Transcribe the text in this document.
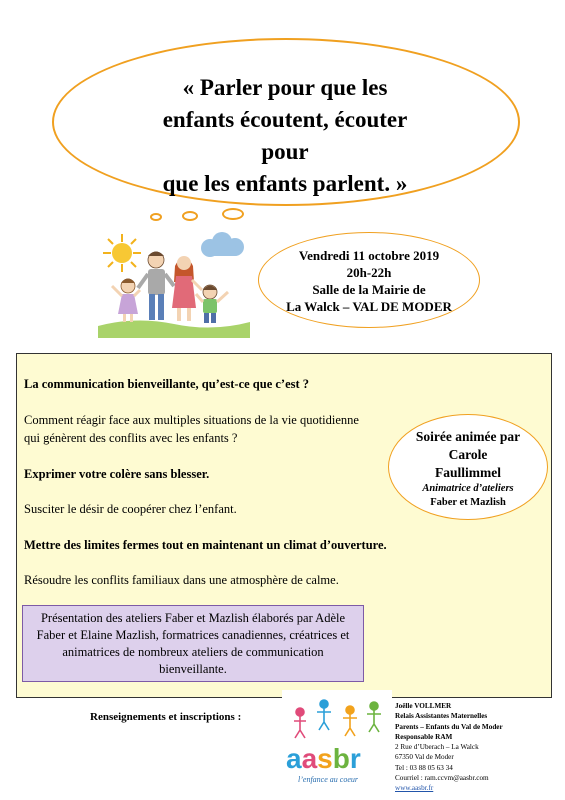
« Parler pour que les
enfants écoutent, écouter
pour
que les enfants parlent. »
Vendredi 11 octobre 2019
20h-22h
Salle de la Mairie de
La Walck – VAL DE MODER
La communication bienveillante, qu’est-ce que c’est ?
Comment réagir face aux multiples situations de la vie quotidienne
qui génèrent des conflits avec les enfants ?
Exprimer votre colère sans blesser.
Susciter le désir de coopérer chez l’enfant.
Mettre des limites fermes tout en maintenant un climat d’ouverture.
Résoudre les conflits familiaux dans une atmosphère de calme.
Soirée animée par
Carole
Faullimmel
Animatrice d’ateliers
Faber et Mazlish
Présentation des ateliers Faber et Mazlish élaborés par Adèle
Faber et Elaine Mazlish, formatrices canadiennes, créatrices et
animatrices de nombreux ateliers de communication
bienveillante.
Renseignements et inscriptions :
aasbr
l’enfance au coeur
Joëlle VOLLMER
Relais Assistantes Maternelles
Parents – Enfants du Val de Moder
Responsable RAM
2 Rue d’Uberach – La Walck
67350 Val de Moder
Tel : 03 88 05 63 34
Courriel : ram.ccvm@aasbr.com
www.aasbr.fr
